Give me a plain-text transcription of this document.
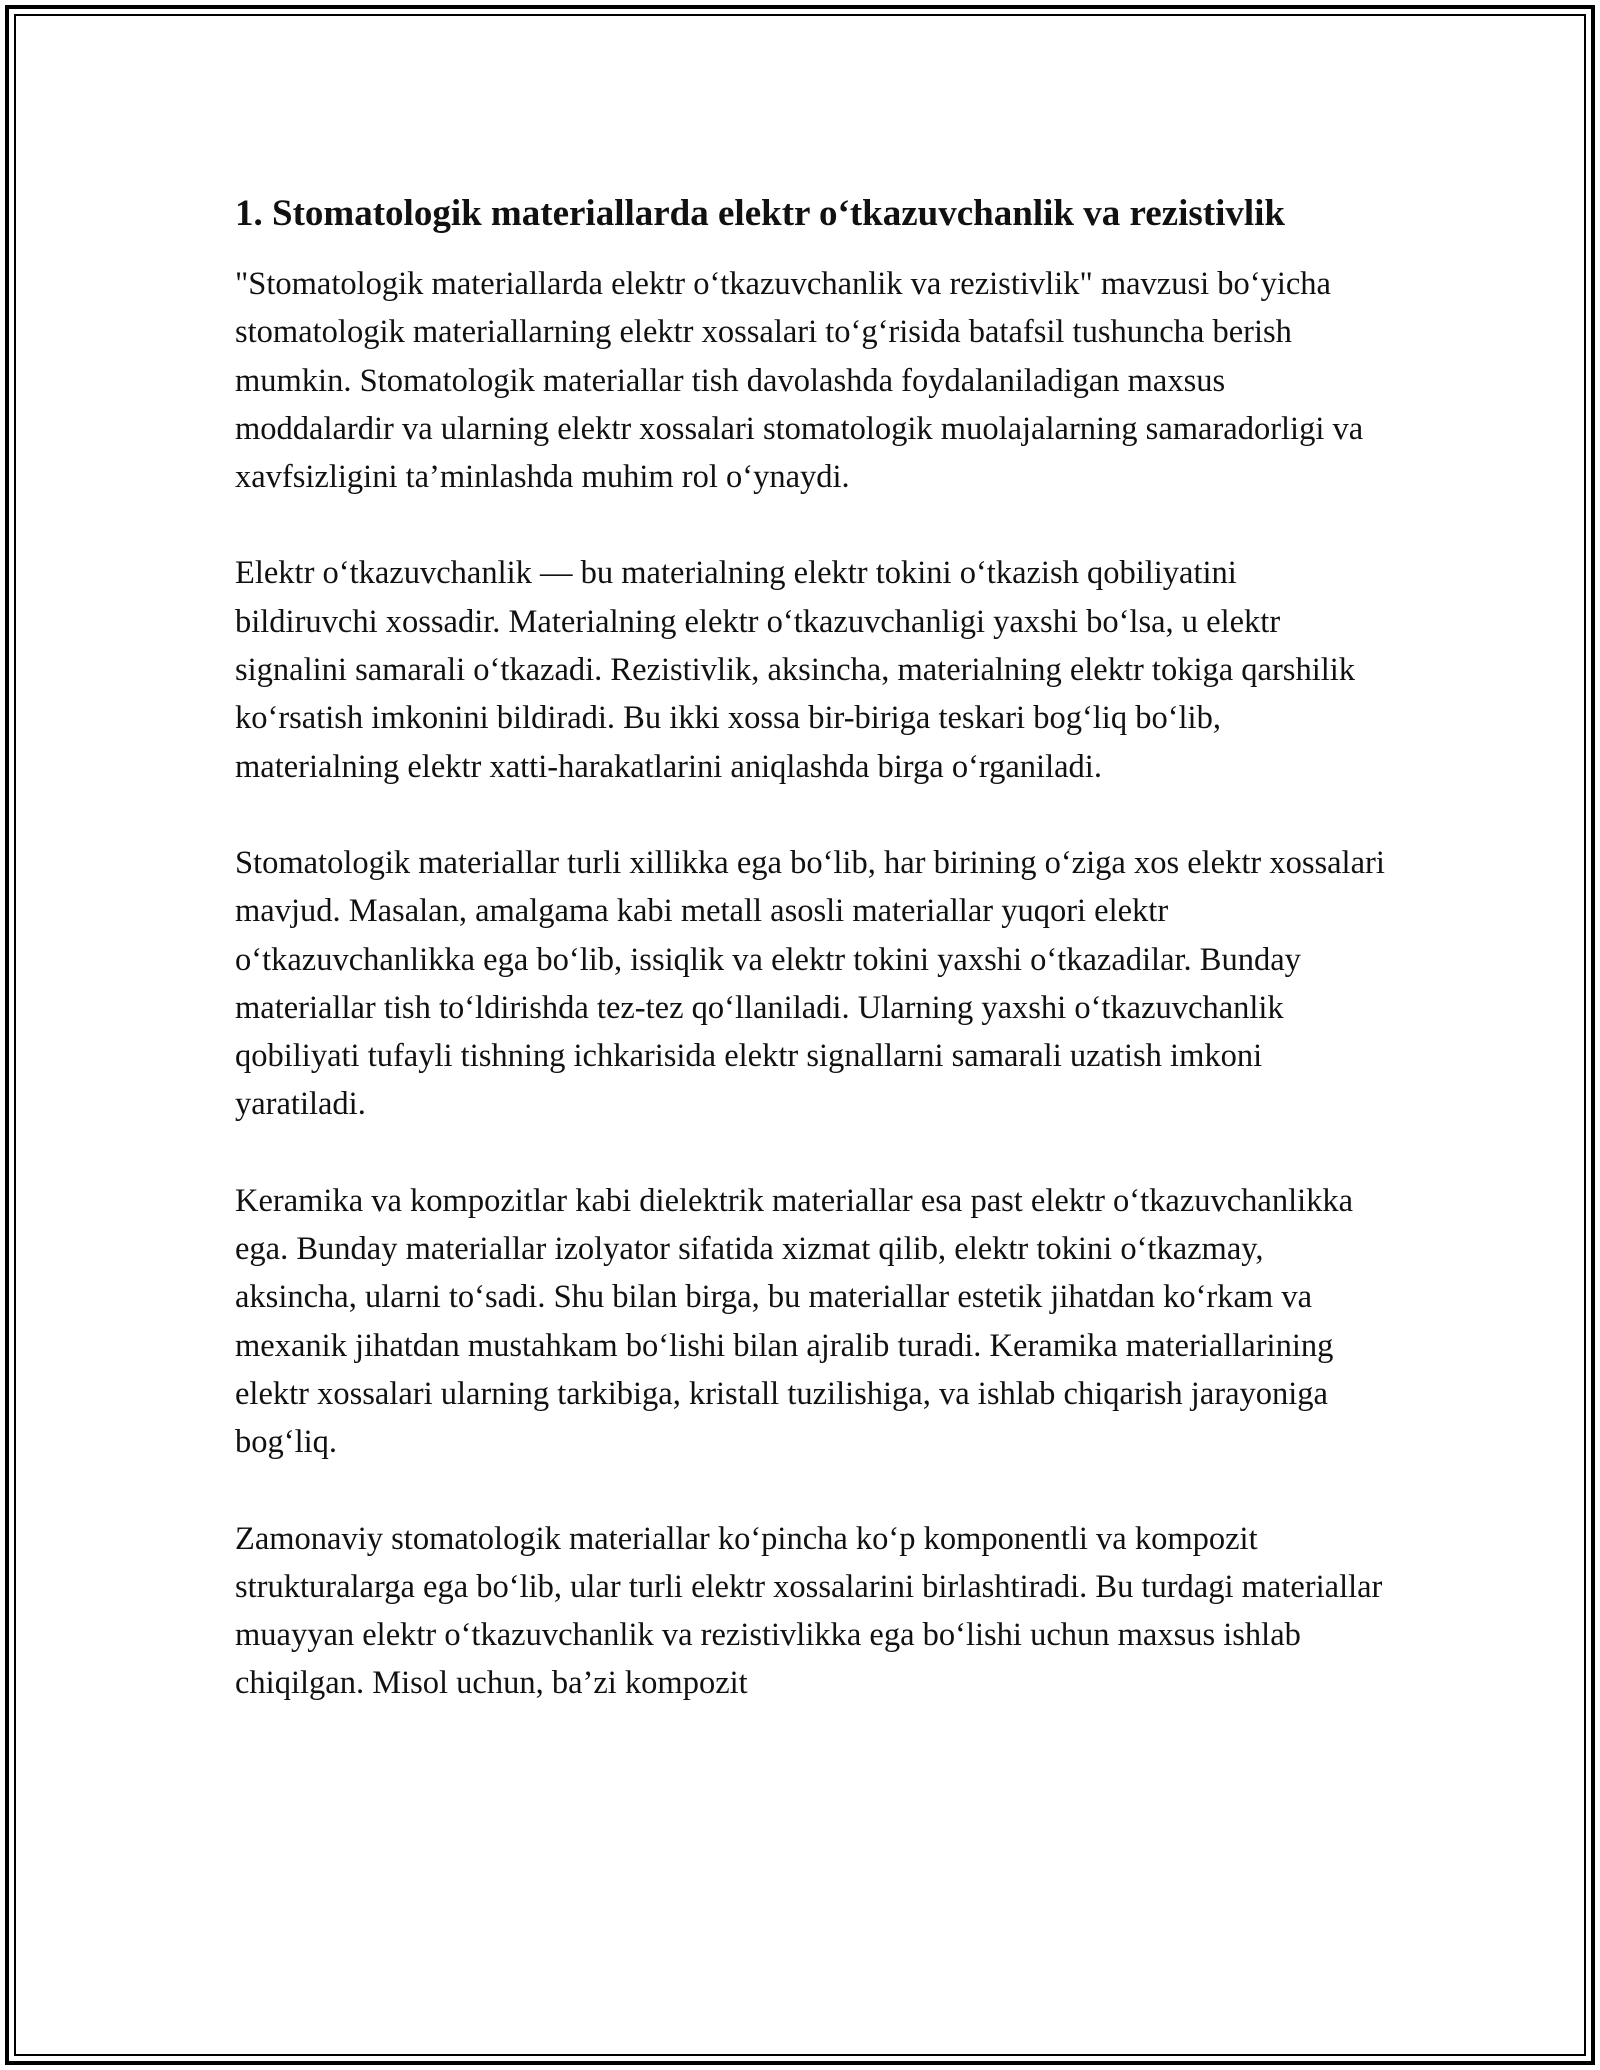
1. Stomatologik materiallarda elektr o‘tkazuvchanlik va rezistivlik

"Stomatologik materiallarda elektr o‘tkazuvchanlik va rezistivlik" mavzusi bo‘yicha stomatologik materiallarning elektr xossalari to‘g‘risida batafsil tushuncha berish mumkin. Stomatologik materiallar tish davolashda foydalaniladigan maxsus moddalardir va ularning elektr xossalari stomatologik muolajalarning samaradorligi va xavfsizligini ta’minlashda muhim rol o‘ynaydi.

Elektr o‘tkazuvchanlik — bu materialning elektr tokini o‘tkazish qobiliyatini bildiruvchi xossadir. Materialning elektr o‘tkazuvchanligi yaxshi bo‘lsa, u elektr signalini samarali o‘tkazadi. Rezistivlik, aksincha, materialning elektr tokiga qarshilik ko‘rsatish imkonini bildiradi. Bu ikki xossa bir-biriga teskari bog‘liq bo‘lib, materialning elektr xatti-harakatlarini aniqlashda birga o‘rganiladi.

Stomatologik materiallar turli xillikka ega bo‘lib, har birining o‘ziga xos elektr xossalari mavjud. Masalan, amalgama kabi metall asosli materiallar yuqori elektr o‘tkazuvchanlikka ega bo‘lib, issiqlik va elektr tokini yaxshi o‘tkazadilar. Bunday materiallar tish to‘ldirishda tez-tez qo‘llaniladi. Ularning yaxshi o‘tkazuvchanlik qobiliyati tufayli tishning ichkarisida elektr signallarni samarali uzatish imkoni yaratiladi.

Keramika va kompozitlar kabi dielektrik materiallar esa past elektr o‘tkazuvchanlikka ega. Bunday materiallar izolyator sifatida xizmat qilib, elektr tokini o‘tkazmay, aksincha, ularni to‘sadi. Shu bilan birga, bu materiallar estetik jihatdan ko‘rkam va mexanik jihatdan mustahkam bo‘lishi bilan ajralib turadi. Keramika materiallarining elektr xossalari ularning tarkibiga, kristall tuzilishiga, va ishlab chiqarish jarayoniga bog‘liq.

Zamonaviy stomatologik materiallar ko‘pincha ko‘p komponentli va kompozit strukturalarga ega bo‘lib, ular turli elektr xossalarini birlashtiradi. Bu turdagi materiallar muayyan elektr o‘tkazuvchanlik va rezistivlikka ega bo‘lishi uchun maxsus ishlab chiqilgan. Misol uchun, ba’zi kompozit
